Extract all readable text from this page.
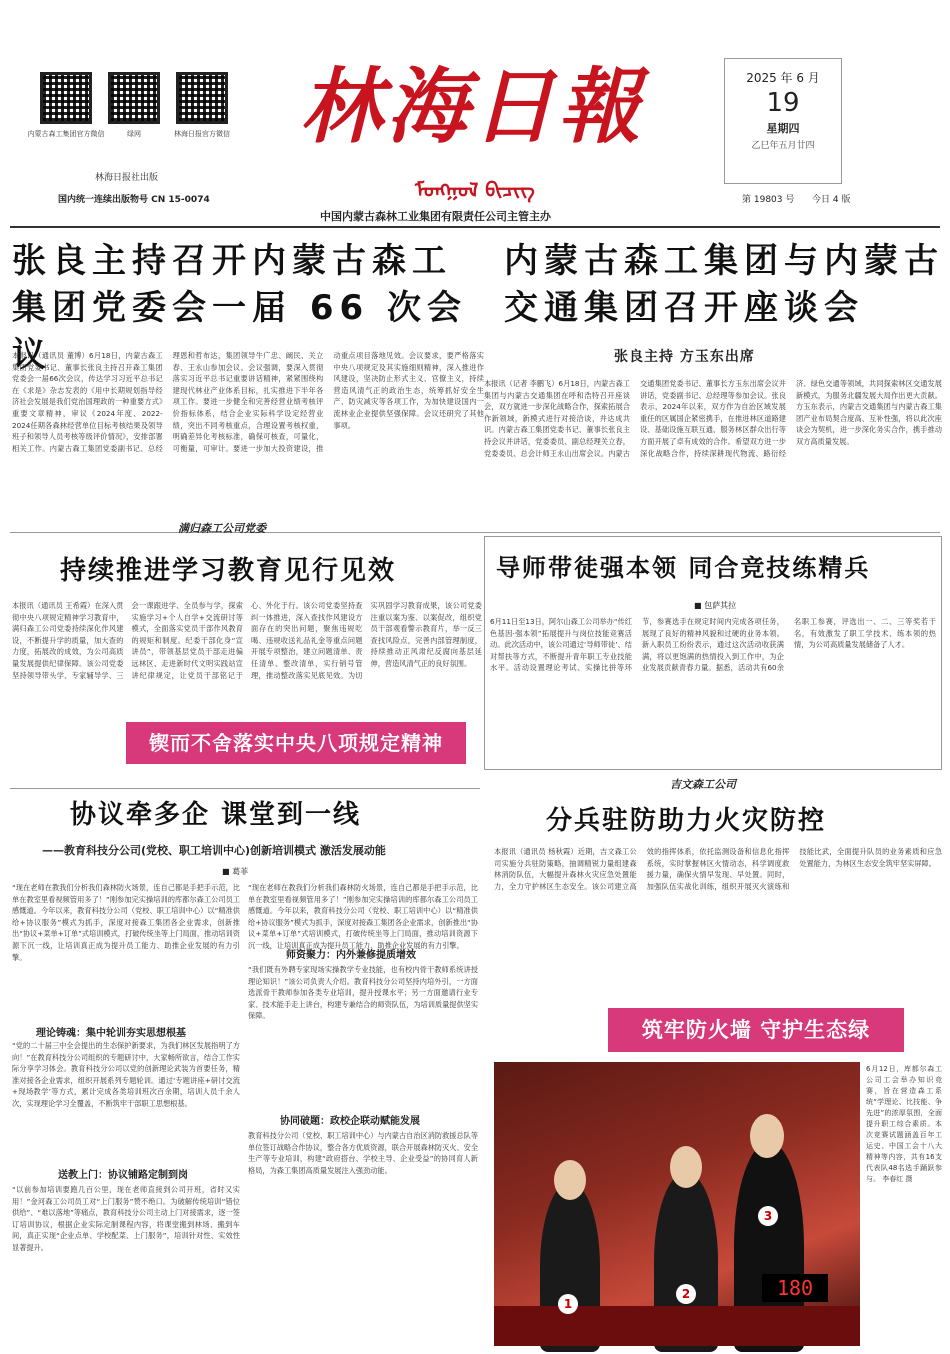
内蒙古森工集团官方微信	绿网	林海日报官方微信
林海日报社出版
国内统一连续出版物号 CN 15-0074
林海日報
ᠮᠣᠩᠭᠣᠯ ᠪᠢᠴᠢᠭ
中国内蒙古森林工业集团有限责任公司主管主办
2025 年 6 月
19
星期四
乙巳年五月廿四
第 19803 号 今日 4 版
张良主持召开内蒙古森工
集团党委会一届 66 次会议
本报讯（通讯员 董博）6月18日，内蒙古森工集团党委书记、董事长张良主持召开森工集团党委会一届66次会议，传达学习习近平总书记在《求是》杂志发表的《用中长期规划指导经济社会发展是我们党治国理政的一种重要方式》重要文章精神，审议《2024年度、2022-2024任期各森林经营单位目标考核结果及领导班子和领导人员考核等级评价情况》，安排部署相关工作。内蒙古森工集团党委副书记、总经理恩和哲布达，集团领导牛广忠、阚民、关立春、王永山参加会议。会议强调，要深入贯彻落实习近平总书记重要讲话精神，紧紧围绕构建现代林业产业体系目标，扎实推进下半年各项工作。要进一步健全和完善经营业绩考核评价指标体系，结合企业实际科学设定经营业绩，突出不同考核重点，合理设置考核权重，明确差异化考核标准，确保可核查，可量化，可衡量，可审计。要进一步加大投资建设，推动重点项目落地见效。会议要求，要严格落实中央八项规定及其实施细则精神，深入推进作风建设，坚决防止形式主义、官僚主义，持续营造风清气正的政治生态，统筹抓好安全生产、防灾减灾等各项工作，为加快建设国内一流林业企业提供坚强保障。会议还研究了其他事项。
内蒙古森工集团与内蒙古
交通集团召开座谈会
张良主持 方玉东出席
本报讯（记者 李鹏飞）6月18日，内蒙古森工集团与内蒙古交通集团在呼和浩特召开座谈会，双方就进一步深化战略合作，探索拓展合作新领域，新模式进行对接洽谈，并达成共识。内蒙古森工集团党委书记、董事长张良主持会议并讲话，党委委员、副总经理关立春，党委委员、总会计师王永山出席会议。内蒙古交通集团党委书记、董事长方玉东出席会议并讲话，党委副书记、总经理等参加会议。张良表示，2024年以来，双方作为自治区域发展重任的区属国企紧密携手，在推进林区道路建设、基础设施互联互通、服务林区群众出行等方面开展了卓有成效的合作。希望双方进一步深化战略合作，持续深耕现代物流、路衍经济、绿色交通等领域，共同探索林区交通发展新模式，为服务北疆发展大局作出更大贡献。方玉东表示，内蒙古交通集团与内蒙古森工集团产业布局契合度高、互补性强，将以此次座谈会为契机，进一步深化务实合作，携手推动双方高质量发展。
满归森工公司党委
持续推进学习教育见行见效
本报讯（通讯员 王希霞）在深入贯彻中央八项规定精神学习教育中，满归森工公司党委持续深化作风建设，不断提升学的质量，加大查的力度，拓展改的成效，为公司高质量发展提供纪律保障。该公司党委坚持领导带头学、专家辅导学、三会一课跟进学、全员参与学，探索实施学习+个人自学+交流研讨等模式，全面落实党员干部作风教育的规矩和制度。纪委干部化身“宣讲员”，带领基层党员干部走进偏远林区、走进新时代文明实践站宣讲纪律规定，让党员干部铭记于心、外化于行。该公司党委坚持查纠一体推进，深入查找作风建设方面存在的突出问题，聚焦违规吃喝、违规收送礼品礼金等重点问题开展专项整治，建立问题清单、责任清单、整改清单，实行销号管理，推动整改落实见底见效。为切实巩固学习教育成果，该公司党委注重以案为鉴、以案促改，组织党员干部观看警示教育片，举一反三查找风险点，完善内部管理制度，持续推动正风肃纪反腐向基层延伸，营造风清气正的良好氛围。
锲而不舍落实中央八项规定精神
导师带徒强本领 同合竞技练精兵
■ 包萨其拉
6月11日至13日，阿尔山森工公司举办“传红色基因·强本领”拓展提升与岗位技能竞赛活动。此次活动中，该公司通过‘导师带徒’、结对帮扶等方式，不断提升青年职工专业技能水平。活动设置理论考试、实操比拼等环节，参赛选手在规定时间内完成各项任务，展现了良好的精神风貌和过硬的业务本领。新入职员工纷纷表示，通过这次活动收获满满，将以更饱满的热情投入到工作中，为企业发展贡献青春力量。据悉，活动共有60余名职工参赛，评选出一、二、三等奖若干名，有效激发了职工学技术、练本领的热情，为公司高质量发展储备了人才。
协议牵多企 课堂到一线
——教育科技分公司(党校、职工培训中心)创新培训模式 激活发展动能
■ 葛菲
“现在老师在教我们分析我们森林防火场景，连自己都是手把手示范，比单在教室里看视频管用多了！”刚参加完实操培训的库都尔森工公司员工感慨道。今年以来，教育科技分公司（党校、职工培训中心）以“精准供给+协议服务”模式为抓手，深度对接森工集团各企业需求，创新推出“协议+菜单+订单”式培训模式，打破传统坐等上门局面，推动培训资源下沉一线，让培训真正成为提升员工能力、助推企业发展的有力引擎。
理论铸魂：集中轮训夯实思想根基
“党的二十届三中全会提出的生态保护新要求，为我们林区发展指明了方向！”在教育科技分公司组织的专题研讨中，大家畅所欲言，结合工作实际分享学习体会。教育科技分公司以党的创新理论武装为首要任务，精准对接各企业需求，组织开展系列专题轮训。通过‘专题讲座+研讨交流+现场教学’等方式，累计完成各类培训班次百余期，培训人员千余人次，实现理论学习全覆盖，不断筑牢干部职工思想根基。
送教上门：协议铺路定制到岗
“以前参加培训要跑几百公里，现在老师直接到公司开班，省时又实用！”金河森工公司员工对“上门服务”赞不绝口。为破解传统培训“错位供给”、“难以落地”等痛点，教育科技分公司主动上门对接需求，逐一签订培训协议，根据企业实际定制课程内容，将课堂搬到林场、搬到车间，真正实现“企业点单、学校配菜、上门服务”，培训针对性、实效性显著提升。
“现在老师在教我们分析我们森林防火场景，连自己都是手把手示范，比单在教室里看视频管用多了！”刚参加完实操培训的库都尔森工公司员工感慨道。今年以来，教育科技分公司（党校、职工培训中心）以“精准供给+协议服务”模式为抓手，深度对接森工集团各企业需求，创新推出“协议+菜单+订单”式培训模式，打破传统坐等上门局面，推动培训资源下沉一线，让培训真正成为提升员工能力、助推企业发展的有力引擎。
师资聚力：内外兼修提质增效
“我们既有外聘专家现场实操教学专业技能，也有校内骨干教师系统讲授理论知识！”该公司负责人介绍。教育科技分公司坚持内培外引，一方面选派骨干教师参加各类专业培训，提升授课水平；另一方面邀请行业专家、技术能手走上讲台，构建专兼结合的师资队伍，为培训质量提供坚实保障。
协同破题：政校企联动赋能发展
教育科技分公司（党校、职工培训中心）与内蒙古自治区消防救援总队等单位签订战略合作协议，整合各方优质资源，联合开展森林防灭火、安全生产等专业培训，构建“政府搭台、学校主导、企业受益”的协同育人新格局，为森工集团高质量发展注入强劲动能。
吉文森工公司
分兵驻防助力火灾防控
本报讯（通讯员 杨秋霞）近期，吉文森工公司实施分兵驻防策略，抽调精锐力量组建森林消防队伍，大幅提升森林火灾应急处置能力，全力守护林区生态安全。该公司建立高效的指挥体系，依托监测设备和信息化指挥系统，实时掌握林区火情动态，科学调度救援力量，确保火情早发现、早处置。同时，加强队伍实战化训练，组织开展灭火演练和技能比武，全面提升队员的业务素质和应急处置能力，为林区生态安全筑牢坚实屏障。
筑牢防火墙 守护生态绿
180
1
2
3
6月12日，库都尔森工公司工会举办知识竞赛，旨在营造森工系统“学理论、比技能、争先进”的浓厚氛围，全面提升职工综合素质。本次竞赛试题涵盖百年工运史、中国工会十八大精神等内容，共有16支代表队48名选手踊跃参与。 李春红 摄
